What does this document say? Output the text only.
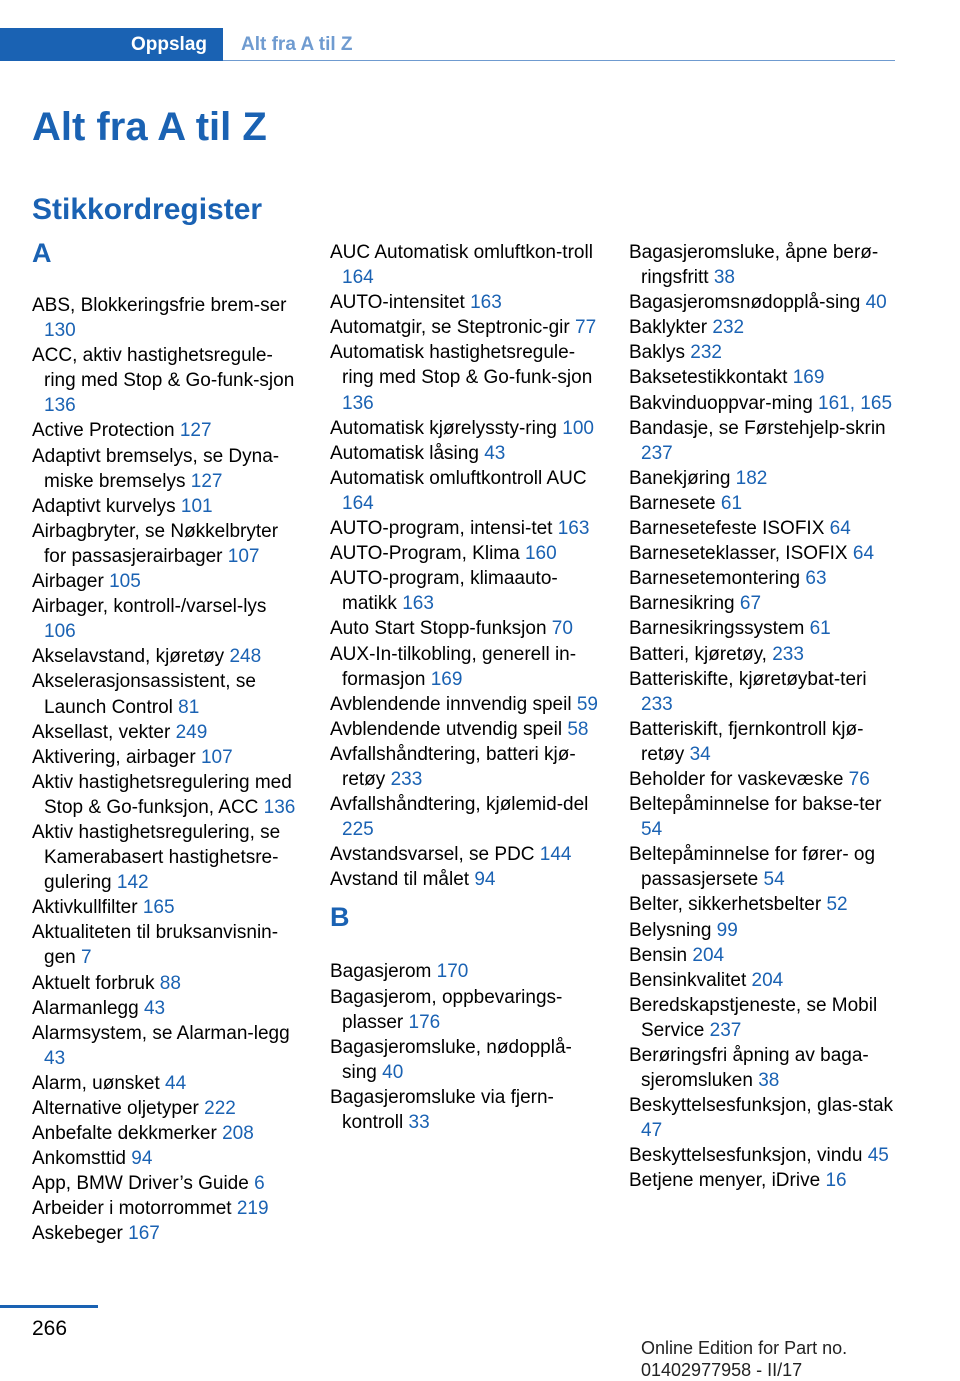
Oppslag	Alt fra A til Z
Alt fra A til Z
Stikkordregister
A
ABS, Blokkeringsfrie brem-ser 130
ACC, aktiv hastighetsregule-ring med Stop & Go-funk-sjon 136
Active Protection 127
Adaptivt bremselys, se Dyna-miske bremselys 127
Adaptivt kurvelys 101
Airbagbryter, se Nøkkelbryter for passasjerairbager 107
Airbager 105
Airbager, kontroll-/varsel-lys 106
Akselavstand, kjøretøy 248
Akselerasjonsassistent, se Launch Control 81
Aksellast, vekter 249
Aktivering, airbager 107
Aktiv hastighetsregulering med Stop & Go-funksjon, ACC 136
Aktiv hastighetsregulering, se Kamerabasert hastighetsre-gulering 142
Aktivkullfilter 165
Aktualiteten til bruksanvisnin-gen 7
Aktuelt forbruk 88
Alarmanlegg 43
Alarmsystem, se Alarman-legg 43
Alarm, uønsket 44
Alternative oljetyper 222
Anbefalte dekkmerker 208
Ankomsttid 94
App, BMW Driver’s Guide 6
Arbeider i motorrommet 219
Askebeger 167
AUC Automatisk omluftkon-troll 164
AUTO-intensitet 163
Automatgir, se Steptronic-gir 77
Automatisk hastighetsregule-ring med Stop & Go-funk-sjon 136
Automatisk kjørelyssty-ring 100
Automatisk låsing 43
Automatisk omluftkontroll AUC 164
AUTO-program, intensi-tet 163
AUTO-Program, Klima 160
AUTO-program, klimaauto-matikk 163
Auto Start Stopp-funksjon 70
AUX-In-tilkobling, generell in-formasjon 169
Avblendende innvendig speil 59
Avblendende utvendig speil 58
Avfallshåndtering, batteri kjø-retøy 233
Avfallshåndtering, kjølemid-del 225
Avstandsvarsel, se PDC 144
Avstand til målet 94
B
Bagasjerom 170
Bagasjerom, oppbevarings-plasser 176
Bagasjeromsluke, nødopplå-sing 40
Bagasjeromsluke via fjern-kontroll 33
Bagasjeromsluke, åpne berø-ringsfritt 38
Bagasjeromsnødopplå-sing 40
Baklykter 232
Baklys 232
Baksetestikkontakt 169
Bakvinduoppvar-ming 161, 165
Bandasje, se Førstehjelp-skrin 237
Banekjøring 182
Barnesete 61
Barnesetefeste ISOFIX 64
Barneseteklasser, ISOFIX 64
Barnesetemontering 63
Barnesikring 67
Barnesikringssystem 61
Batteri, kjøretøy, 233
Batteriskifte, kjøretøybat-teri 233
Batteriskift, fjernkontroll kjø-retøy 34
Beholder for vaskevæske 76
Beltepåminnelse for bakse-ter 54
Beltepåminnelse for fører- og passasjersete 54
Belter, sikkerhetsbelter 52
Belysning 99
Bensin 204
Bensinkvalitet 204
Beredskapstjeneste, se Mobil Service 237
Berøringsfri åpning av baga-sjeromsluken 38
Beskyttelsesfunksjon, glas-stak 47
Beskyttelsesfunksjon, vindu 45
Betjene menyer, iDrive 16
266
Online Edition for Part no. 01402977958 - II/17
